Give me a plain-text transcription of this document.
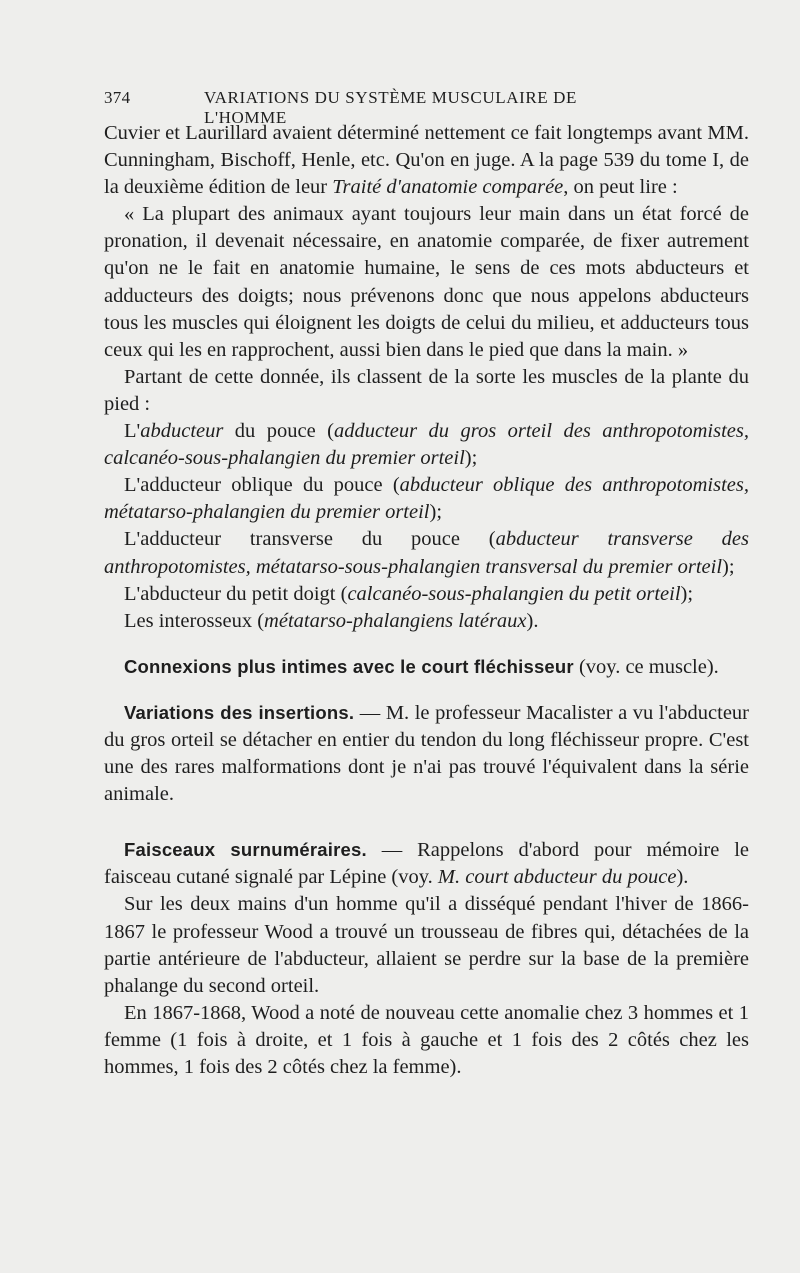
374	VARIATIONS DU SYSTÈME MUSCULAIRE DE L'HOMME

Cuvier et Laurillard avaient déterminé nettement ce fait longtemps avant MM. Cunningham, Bischoff, Henle, etc. Qu'on en juge. A la page 539 du tome I, de la deuxième édition de leur Traité d'anatomie comparée, on peut lire :

« La plupart des animaux ayant toujours leur main dans un état forcé de pronation, il devenait nécessaire, en anatomie comparée, de fixer autrement qu'on ne le fait en anatomie humaine, le sens de ces mots abducteurs et adducteurs des doigts; nous prévenons donc que nous appelons abducteurs tous les muscles qui éloignent les doigts de celui du milieu, et adducteurs tous ceux qui les en rapprochent, aussi bien dans le pied que dans la main. »

Partant de cette donnée, ils classent de la sorte les muscles de la plante du pied :

L'abducteur du pouce (adducteur du gros orteil des anthropotomistes, calcanéo-sous-phalangien du premier orteil);

L'adducteur oblique du pouce (abducteur oblique des anthropotomistes, métatarso-phalangien du premier orteil);

L'adducteur transverse du pouce (abducteur transverse des anthropotomistes, métatarso-sous-phalangien transversal du premier orteil);

L'abducteur du petit doigt (calcanéo-sous-phalangien du petit orteil);

Les interosseux (métatarso-phalangiens latéraux).

Connexions plus intimes avec le court fléchisseur (voy. ce muscle).

Variations des insertions. — M. le professeur Macalister a vu l'abducteur du gros orteil se détacher en entier du tendon du long fléchisseur propre. C'est une des rares malformations dont je n'ai pas trouvé l'équivalent dans la série animale.

Faisceaux surnuméraires. — Rappelons d'abord pour mémoire le faisceau cutané signalé par Lépine (voy. M. court abducteur du pouce).

Sur les deux mains d'un homme qu'il a disséqué pendant l'hiver de 1866-1867 le professeur Wood a trouvé un trousseau de fibres qui, détachées de la partie antérieure de l'abducteur, allaient se perdre sur la base de la première phalange du second orteil.

En 1867-1868, Wood a noté de nouveau cette anomalie chez 3 hommes et 1 femme (1 fois à droite, et 1 fois à gauche et 1 fois des 2 côtés chez les hommes, 1 fois des 2 côtés chez la femme).
